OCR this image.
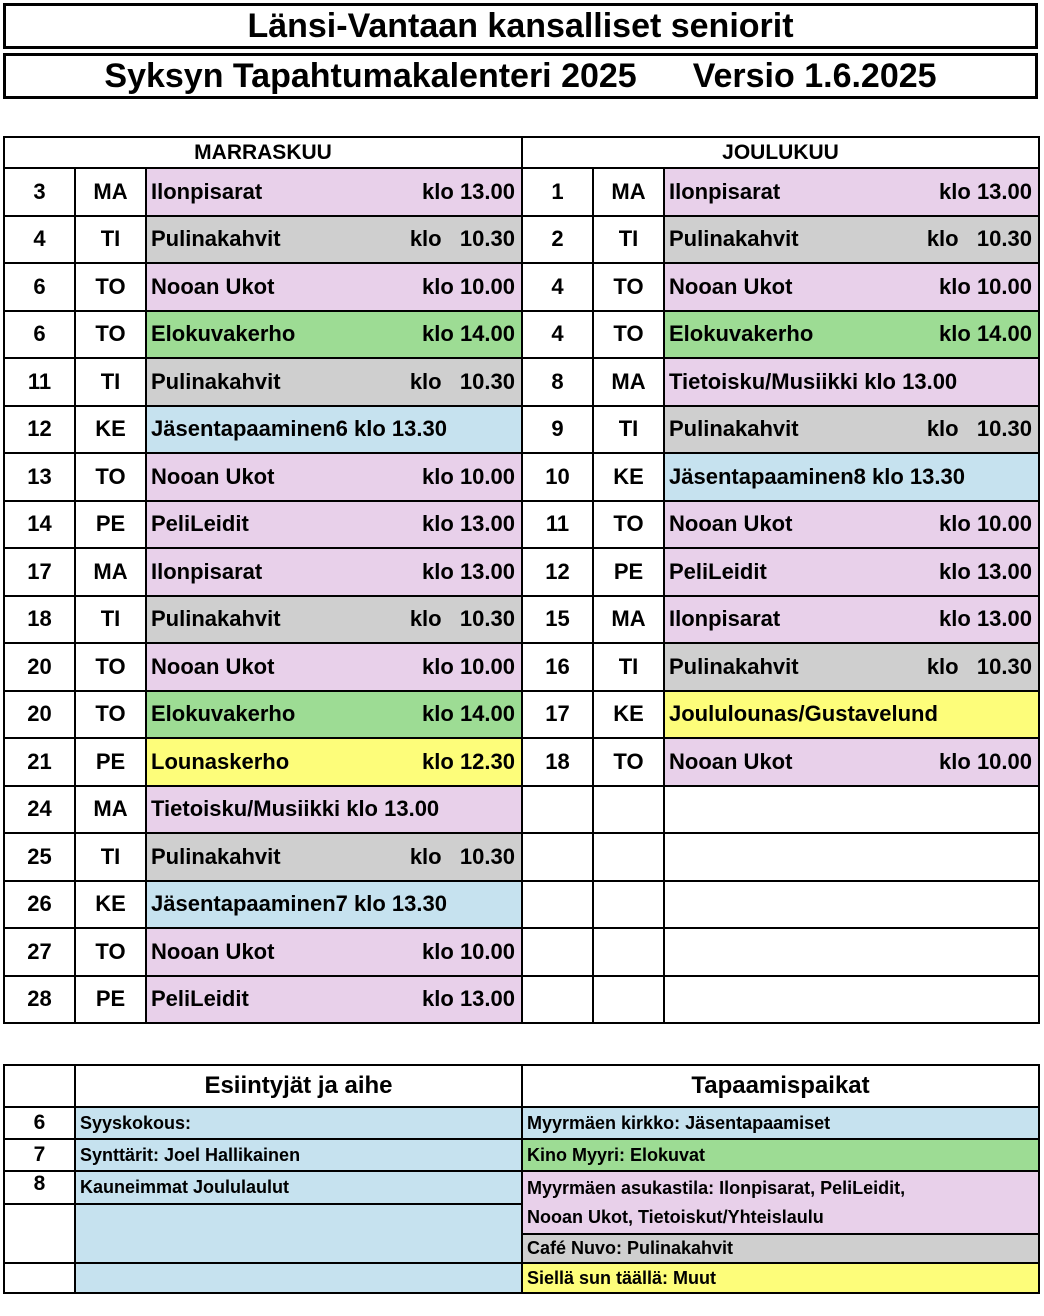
Länsi-Vantaan kansalliset seniorit
Syksyn Tapahtumakalenteri 2025 Versio 1.6.2025
MARRASKUU			JOULUKUU		
3	MA	Ilonpisarat klo 13.00	1	MA	Ilonpisarat klo 13.00

4	TI	Pulinakahvit klo   10.30	2	TI	Pulinakahvit klo   10.30

6	TO	Nooan Ukot klo 10.00	4	TO	Nooan Ukot klo 10.00

6	TO	Elokuvakerho klo 14.00	4	TO	Elokuvakerho klo 14.00

11	TI	Pulinakahvit klo   10.30	8	MA	Tietoisku/Musiikki klo 13.00

12	KE	Jäsentapaaminen6 klo 13.30	9	TI	Pulinakahvit klo   10.30

13	TO	Nooan Ukot klo 10.00	10	KE	Jäsentapaaminen8 klo 13.30

14	PE	PeliLeidit klo 13.00	11	TO	Nooan Ukot klo 10.00

17	MA	Ilonpisarat klo 13.00	12	PE	PeliLeidit klo 13.00

18	TI	Pulinakahvit klo   10.30	15	MA	Ilonpisarat klo 13.00

20	TO	Nooan Ukot klo 10.00	16	TI	Pulinakahvit klo   10.30

20	TO	Elokuvakerho klo 14.00	17	KE	Joululounas/Gustavelund

21	PE	Lounaskerho klo 12.30	18	TO	Nooan Ukot klo 10.00

24	MA	Tietoisku/Musiikki klo 13.00			

25	TI	Pulinakahvit klo   10.30			

26	KE	Jäsentapaaminen7 klo 13.30			

27	TO	Nooan Ukot klo 10.00			

28	PE	PeliLeidit klo 13.00			

	Esiintyjät ja aihe	Tapaamispaikat
6	Syyskokous:	Myyrmäen kirkko: Jäsentapaamiset
7	Synttärit: Joel Hallikainen	Kino Myyri: Elokuvat
8	Kauneimmat Joululaulut	Myyrmäen asukastila: Ilonpisarat, PeliLeidit,
Nooan Ukot, Tietoiskut/Yhteislaulu

		Café Nuvo: Pulinakahvit
		Siellä sun täällä: Muut
